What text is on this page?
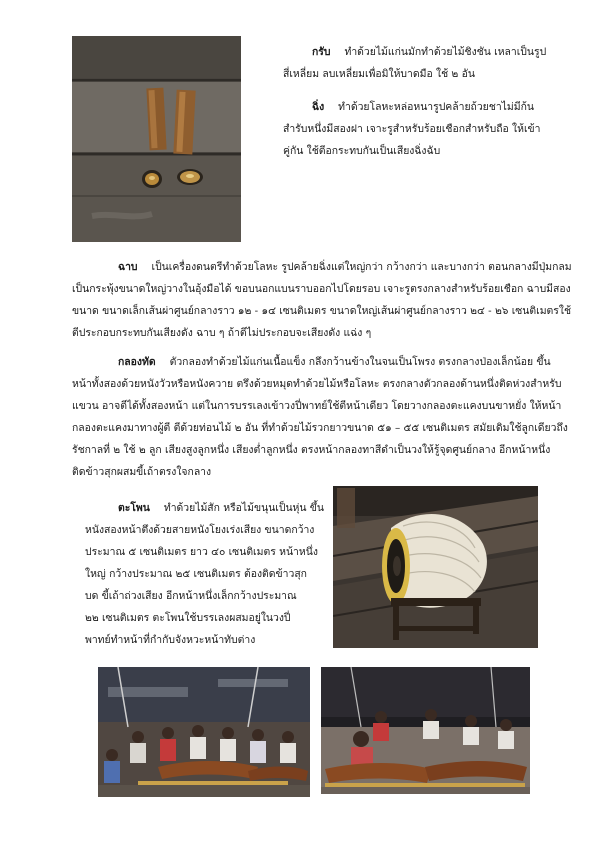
กรับ ทำด้วยไม้แก่นมักทำด้วยไม้ชิงชัน เหลาเป็นรูป

สี่เหลี่ยม ลบเหลี่ยมเพื่อมิให้บาดมือ ใช้ ๒ อัน

ฉิ่ง ทำด้วยโลหะหล่อหนารูปคล้ายถ้วยชาไม่มีก้น

สำรับหนึ่งมีสองฝา เจาะรูสำหรับร้อยเชือกสำหรับถือ ให้เข้า

คู่กัน ใช้ตีอกระทบกันเป็นเสียงฉิ่งฉับ

ฉาบ เป็นเครื่องดนตรีทำด้วยโลหะ รูปคล้ายฉิ่งแต่ใหญ่กว่า กว้างกว่า และบางกว่า ตอนกลางมีปุ่มกลม

เป็นกระพุ้งขนาดใหญ่วางในอุ้งมือได้ ขอบนอกแบนราบออกไปโดยรอบ เจาะรูตรงกลางสำหรับร้อยเชือก ฉาบมีสอง

ขนาด ขนาดเล็กเส้นผ่าศูนย์กลางราว ๑๒ - ๑๔ เซนติเมตร ขนาดใหญ่เส้นผ่าศูนย์กลางราว ๒๔ - ๒๖ เซนติเมตรใช้

ตีประกอบกระทบกันเสียงดัง ฉาบ ๆ ถ้าตีไม่ประกอบจะเสียงดัง แฉ่ง ๆ

กลองทัด ตัวกลองทำด้วยไม้แก่นเนื้อแข็ง กลึงกว้านข้างในจนเป็นโพรง ตรงกลางป่องเล็กน้อย ขึ้น

หน้าทั้งสองด้วยหนังวัวหรือหนังควาย ตรึงด้วยหมุดทำด้วยไม้หรือโลหะ ตรงกลางตัวกลองด้านหนึ่งติดห่วงสำหรับ

แขวน อาจตีได้ทั้งสองหน้า แต่ในการบรรเลงเข้าวงปี่พาทย์ใช้ตีหน้าเดียว โดยวางกลองตะแคงบนขาหยั่ง ให้หน้า

กลองตะแคงมาทางผู้ตี ตีด้วยท่อนไม้ ๒ อัน ที่ทำด้วยไม้รวกยาวขนาด ๕๑ – ๕๕ เซนติเมตร สมัยเดิมใช้ลูกเดียวถึง

รัชกาลที่ ๒ ใช้ ๒ ลูก เสียงสูงลูกหนึ่ง เสียงต่ำลูกหนึ่ง ตรงหน้ากลองทาสีดำเป็นวงให้รู้จุดศูนย์กลาง อีกหน้าหนึ่ง

ติดข้าวสุกผสมขี้เถ้าตรงใจกลาง

ตะโพน ทำด้วยไม้สัก หรือไม้ขนุนเป็นหุ่น ขึ้น

หนังสองหน้าตึงด้วยสายหนังโยงเร่งเสียง ขนาดกว้าง

ประมาณ ๕ เซนติเมตร ยาว ๔๐ เซนติเมตร หน้าหนึ่ง

ใหญ่ กว้างประมาณ ๒๕ เซนติเมตร ต้องติดข้าวสุก

บด ขี้เถ้าถ่วงเสียง อีกหน้าหนึ่งเล็กกว้างประมาณ

๒๒ เซนติเมตร ตะโพนใช้บรรเลงผสมอยู่ในวงปี่

พาทย์ทำหน้าที่กำกับจังหวะหน้าทับต่าง
